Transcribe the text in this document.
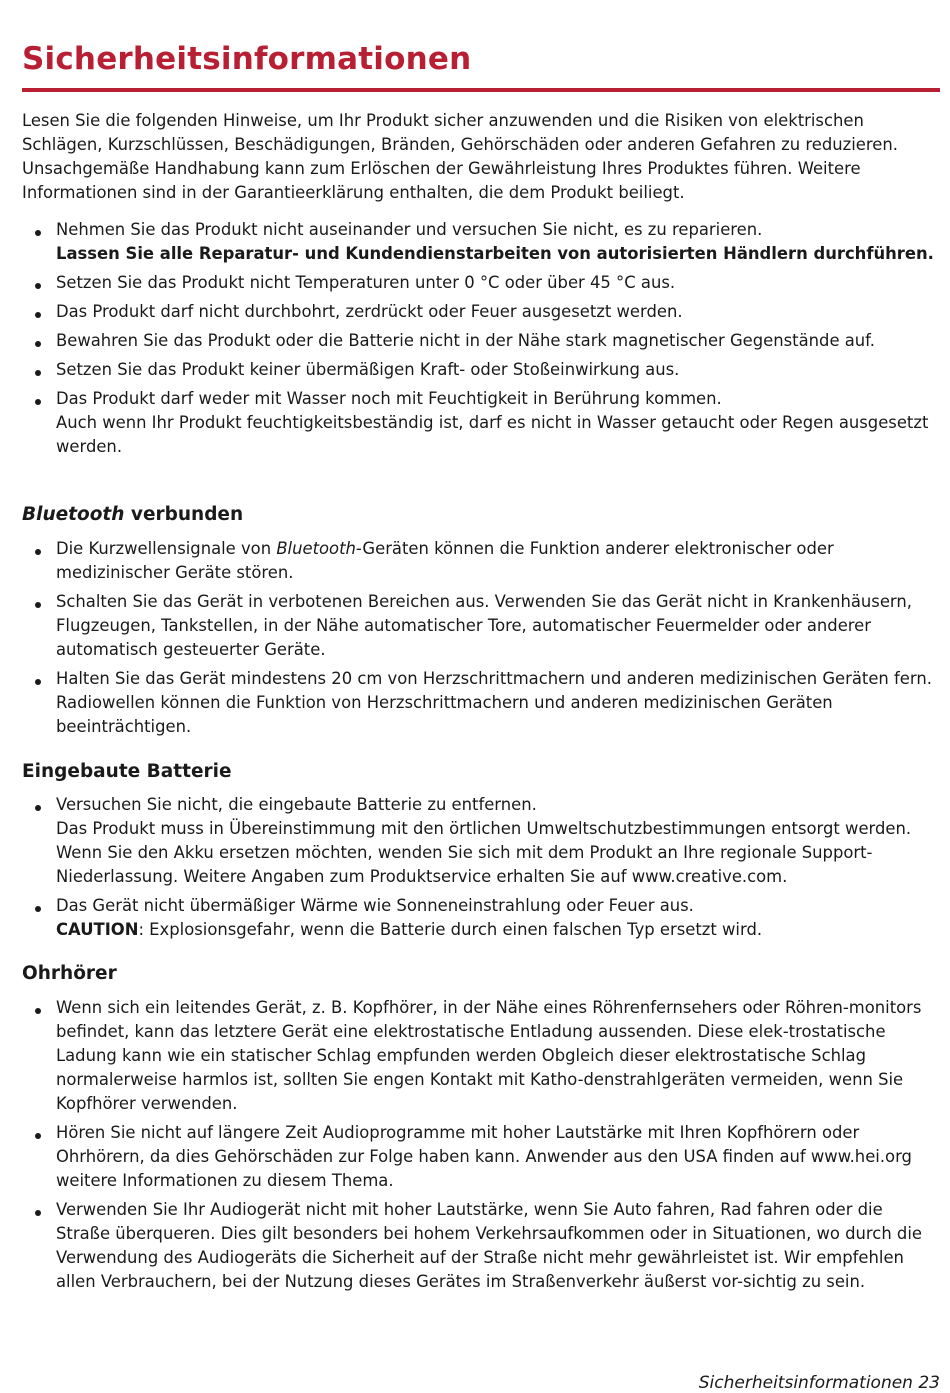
Sicherheitsinformationen

Lesen Sie die folgenden Hinweise, um Ihr Produkt sicher anzuwenden und die Risiken von elektrischen Schlägen, Kurzschlüssen, Beschädigungen, Bränden, Gehörschäden oder anderen Gefahren zu reduzieren. Unsachgemäße Handhabung kann zum Erlöschen der Gewährleistung Ihres Produktes führen. Weitere Informationen sind in der Garantieerklärung enthalten, die dem Produkt beiliegt.

Nehmen Sie das Produkt nicht auseinander und versuchen Sie nicht, es zu reparieren.
Lassen Sie alle Reparatur- und Kundendienstarbeiten von autorisierten Händlern durchführen.
Setzen Sie das Produkt nicht Temperaturen unter 0 °C oder über 45 °C aus.
Das Produkt darf nicht durchbohrt, zerdrückt oder Feuer ausgesetzt werden.
Bewahren Sie das Produkt oder die Batterie nicht in der Nähe stark magnetischer Gegenstände auf.
Setzen Sie das Produkt keiner übermäßigen Kraft- oder Stoßeinwirkung aus.
Das Produkt darf weder mit Wasser noch mit Feuchtigkeit in Berührung kommen.
Auch wenn Ihr Produkt feuchtigkeitsbeständig ist, darf es nicht in Wasser getaucht oder Regen ausgesetzt werden.
Bluetooth verbunden
Die Kurzwellensignale von Bluetooth-Geräten können die Funktion anderer elektronischer oder medizinischer Geräte stören.
Schalten Sie das Gerät in verbotenen Bereichen aus. Verwenden Sie das Gerät nicht in Krankenhäusern, Flugzeugen, Tankstellen, in der Nähe automatischer Tore, automatischer Feuermelder oder anderer automatisch gesteuerter Geräte.
Halten Sie das Gerät mindestens 20 cm von Herzschrittmachern und anderen medizinischen Geräten fern. Radiowellen können die Funktion von Herzschrittmachern und anderen medizinischen Geräten beeinträchtigen.
Eingebaute Batterie
Versuchen Sie nicht, die eingebaute Batterie zu entfernen.
Das Produkt muss in Übereinstimmung mit den örtlichen Umweltschutzbestimmungen entsorgt werden. Wenn Sie den Akku ersetzen möchten, wenden Sie sich mit dem Produkt an Ihre regionale Support-Niederlassung. Weitere Angaben zum Produktservice erhalten Sie auf www.creative.com.
Das Gerät nicht übermäßiger Wärme wie Sonneneinstrahlung oder Feuer aus.
CAUTION: Explosionsgefahr, wenn die Batterie durch einen falschen Typ ersetzt wird.
Ohrhörer
Wenn sich ein leitendes Gerät, z. B. Kopfhörer, in der Nähe eines Röhrenfernsehers oder Röhren-monitors befindet, kann das letztere Gerät eine elektrostatische Entladung aussenden. Diese elek-trostatische Ladung kann wie ein statischer Schlag empfunden werden Obgleich dieser elektrostatische Schlag normalerweise harmlos ist, sollten Sie engen Kontakt mit Katho-denstrahlgeräten vermeiden, wenn Sie Kopfhörer verwenden.
Hören Sie nicht auf längere Zeit Audioprogramme mit hoher Lautstärke mit Ihren Kopfhörern oder Ohrhörern, da dies Gehörschäden zur Folge haben kann. Anwender aus den USA finden auf www.hei.org weitere Informationen zu diesem Thema.
Verwenden Sie Ihr Audiogerät nicht mit hoher Lautstärke, wenn Sie Auto fahren, Rad fahren oder die Straße überqueren. Dies gilt besonders bei hohem Verkehrsaufkommen oder in Situationen, wo durch die Verwendung des Audiogeräts die Sicherheit auf der Straße nicht mehr gewährleistet ist. Wir empfehlen allen Verbrauchern, bei der Nutzung dieses Gerätes im Straßenverkehr äußerst vor-sichtig zu sein.
Sicherheitsinformationen 23
